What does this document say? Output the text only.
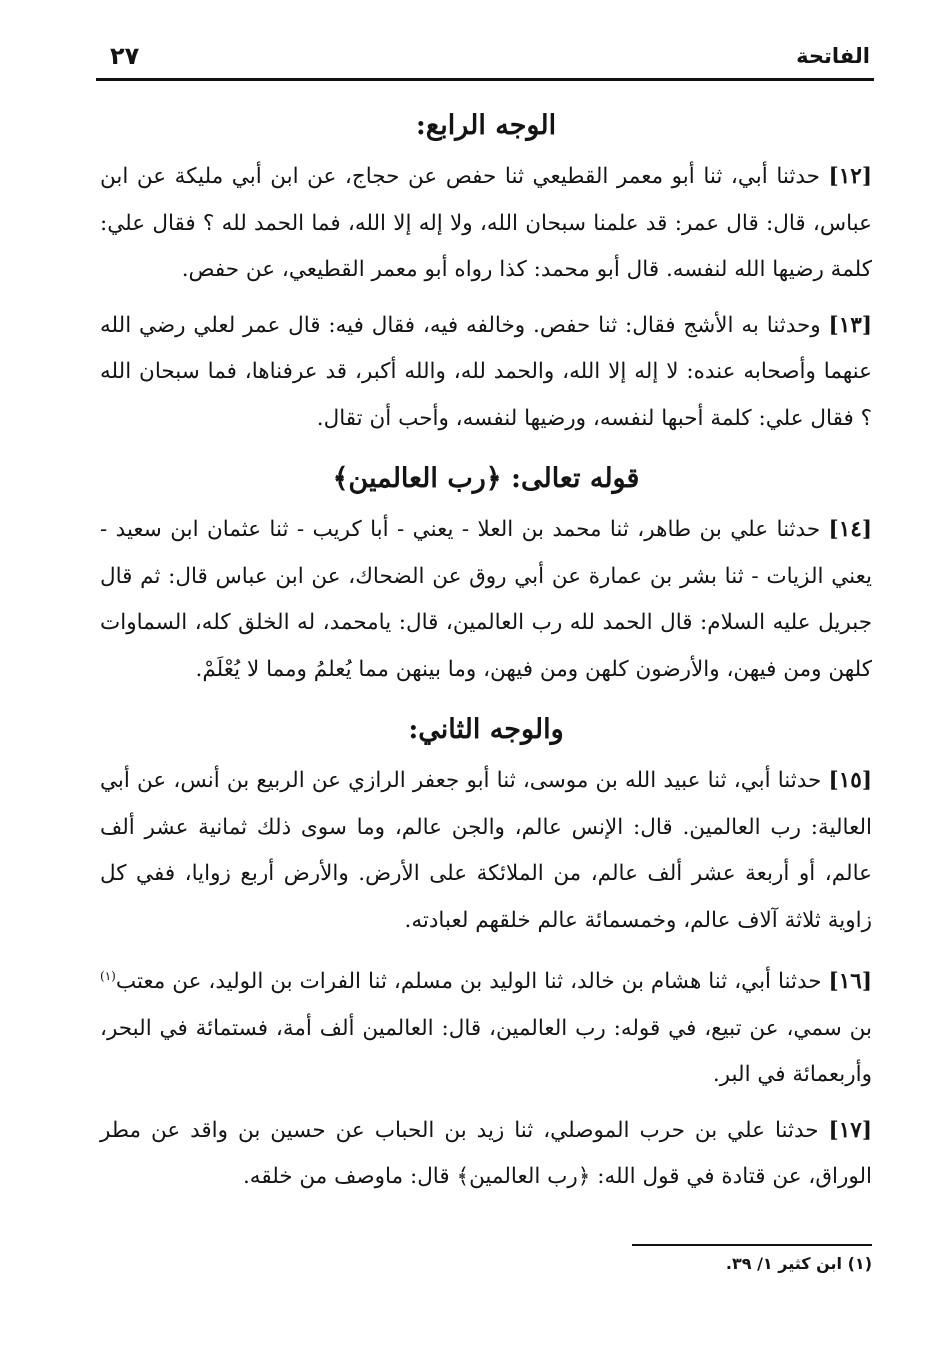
الفاتحة
٢٧
الوجه الرابع:

[١٢] حدثنا أبي، ثنا أبو معمر القطيعي ثنا حفص عن حجاج، عن ابن أبي مليكة عن ابن عباس، قال: قال عمر: قد علمنا سبحان الله، ولا إله إلا الله، فما الحمد لله ؟ فقال علي: كلمة رضيها الله لنفسه. قال أبو محمد: كذا رواه أبو معمر القطيعي، عن حفص.

[١٣] وحدثنا به الأشج فقال: ثنا حفص. وخالفه فيه، فقال فيه: قال عمر لعلي رضي الله عنهما وأصحابه عنده: لا إله إلا الله، والحمد لله، والله أكبر، قد عرفناها، فما سبحان الله ؟ فقال علي: كلمة أحبها لنفسه، ورضيها لنفسه، وأحب أن تقال.

قوله تعالى: ﴿رب العالمين﴾

[١٤] حدثنا علي بن طاهر، ثنا محمد بن العلا - يعني - أبا كريب - ثنا عثمان ابن سعيد - يعني الزيات - ثنا بشر بن عمارة عن أبي روق عن الضحاك، عن ابن عباس قال: ثم قال جبريل عليه السلام: قال الحمد لله رب العالمين، قال: يامحمد، له الخلق كله، السماوات كلهن ومن فيهن، والأرضون كلهن ومن فيهن، وما بينهن مما يُعلمُ ومما لا يُعْلَمْ.

والوجه الثاني:

[١٥] حدثنا أبي، ثنا عبيد الله بن موسى، ثنا أبو جعفر الرازي عن الربيع بن أنس، عن أبي العالية: رب العالمين. قال: الإنس عالم، والجن عالم، وما سوى ذلك ثمانية عشر ألف عالم، أو أربعة عشر ألف عالم، من الملائكة على الأرض. والأرض أربع زوايا، ففي كل زاوية ثلاثة آلاف عالم، وخمسمائة عالم خلقهم لعبادته.

[١٦] حدثنا أبي، ثنا هشام بن خالد، ثنا الوليد بن مسلم، ثنا الفرات بن الوليد، عن معتب$^{(١)}$ بن سمي، عن تبيع، في قوله: رب العالمين، قال: العالمين ألف أمة، فستمائة في البحر، وأربعمائة في البر.

[١٧] حدثنا علي بن حرب الموصلي، ثنا زيد بن الحباب عن حسين بن واقد عن مطر الوراق، عن قتادة في قول الله: ﴿رب العالمين﴾ قال: ماوصف من خلقه.

(١) ابن كثير ١/ ٣٩.
